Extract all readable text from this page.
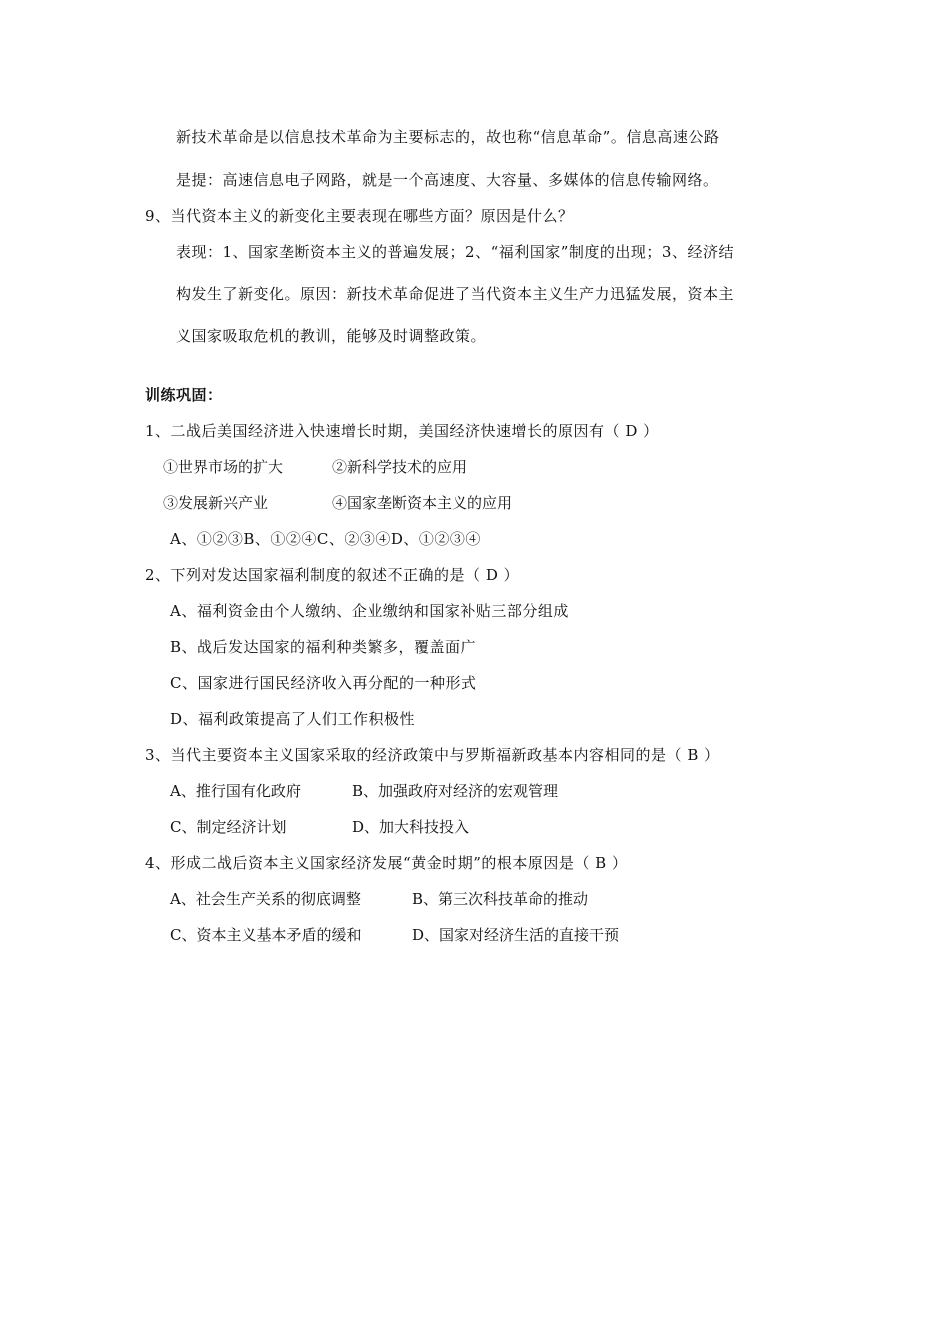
新技术革命是以信息技术革命为主要标志的，故也称“信息革命”。信息高速公路
是提：高速信息电子网路，就是一个高速度、大容量、多媒体的信息传输网络。
9、当代资本主义的新变化主要表现在哪些方面？原因是什么？
表现：1、国家垄断资本主义的普遍发展；2、“福利国家”制度的出现；3、经济结
构发生了新变化。原因：新技术革命促进了当代资本主义生产力迅猛发展，资本主
义国家吸取危机的教训，能够及时调整政策。
训练巩固：
1、二战后美国经济进入快速增长时期，美国经济快速增长的原因有（ D ）
①世界市场的扩大	②新科学技术的应用
③发展新兴产业	④国家垄断资本主义的应用
A、①②③B、①②④C、②③④D、①②③④
2、下列对发达国家福利制度的叙述不正确的是（ D ）
A、福利资金由个人缴纳、企业缴纳和国家补贴三部分组成
B、战后发达国家的福利种类繁多，覆盖面广
C、国家进行国民经济收入再分配的一种形式
D、福利政策提高了人们工作积极性
3、当代主要资本主义国家采取的经济政策中与罗斯福新政基本内容相同的是（ B ）
A、推行国有化政府	B、加强政府对经济的宏观管理
C、制定经济计划	D、加大科技投入
4、形成二战后资本主义国家经济发展“黄金时期”的根本原因是（ B ）
A、社会生产关系的彻底调整	B、第三次科技革命的推动
C、资本主义基本矛盾的缓和	D、国家对经济生活的直接干预
